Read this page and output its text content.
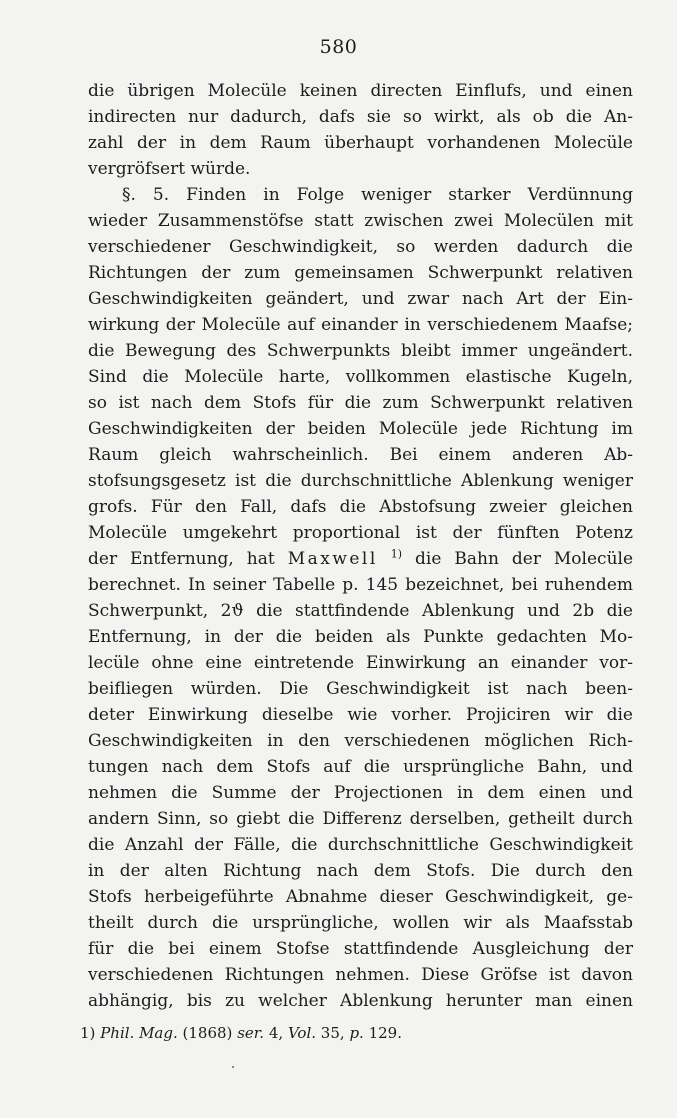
580
die übrigen Molecüle keinen directen Einflufs, und einen
indirecten nur dadurch, dafs sie so wirkt, als ob die An-
zahl der in dem Raum überhaupt vorhandenen Molecüle
vergröfsert würde.
§. 5. Finden in Folge weniger starker Verdünnung
wieder Zusammenstöfse statt zwischen zwei Molecülen mit
verschiedener Geschwindigkeit, so werden dadurch die
Richtungen der zum gemeinsamen Schwerpunkt relativen
Geschwindigkeiten geändert, und zwar nach Art der Ein-
wirkung der Molecüle auf einander in verschiedenem Maafse;
die Bewegung des Schwerpunkts bleibt immer ungeändert.
Sind die Molecüle harte, vollkommen elastische Kugeln,
so ist nach dem Stofs für die zum Schwerpunkt relativen
Geschwindigkeiten der beiden Molecüle jede Richtung im
Raum gleich wahrscheinlich. Bei einem anderen Ab-
stofsungsgesetz ist die durchschnittliche Ablenkung weniger
grofs. Für den Fall, dafs die Abstofsung zweier gleichen
Molecüle umgekehrt proportional ist der fünften Potenz
der Entfernung, hat Maxwell $^{1)}$ die Bahn der Molecüle
berechnet. In seiner Tabelle p. 145 bezeichnet, bei ruhendem
Schwerpunkt, 2ϑ die stattfindende Ablenkung und 2b die
Entfernung, in der die beiden als Punkte gedachten Mo-
lecüle ohne eine eintretende Einwirkung an einander vor-
beifliegen würden. Die Geschwindigkeit ist nach been-
deter Einwirkung dieselbe wie vorher. Projiciren wir die
Geschwindigkeiten in den verschiedenen möglichen Rich-
tungen nach dem Stofs auf die ursprüngliche Bahn, und
nehmen die Summe der Projectionen in dem einen und
andern Sinn, so giebt die Differenz derselben, getheilt durch
die Anzahl der Fälle, die durchschnittliche Geschwindigkeit
in der alten Richtung nach dem Stofs. Die durch den
Stofs herbeigeführte Abnahme dieser Geschwindigkeit, ge-
theilt durch die ursprüngliche, wollen wir als Maafsstab
für die bei einem Stofse stattfindende Ausgleichung der
verschiedenen Richtungen nehmen. Diese Gröfse ist davon
abhängig, bis zu welcher Ablenkung herunter man einen
1) Phil. Mag. (1868) ser. 4, Vol. 35, p. 129.
